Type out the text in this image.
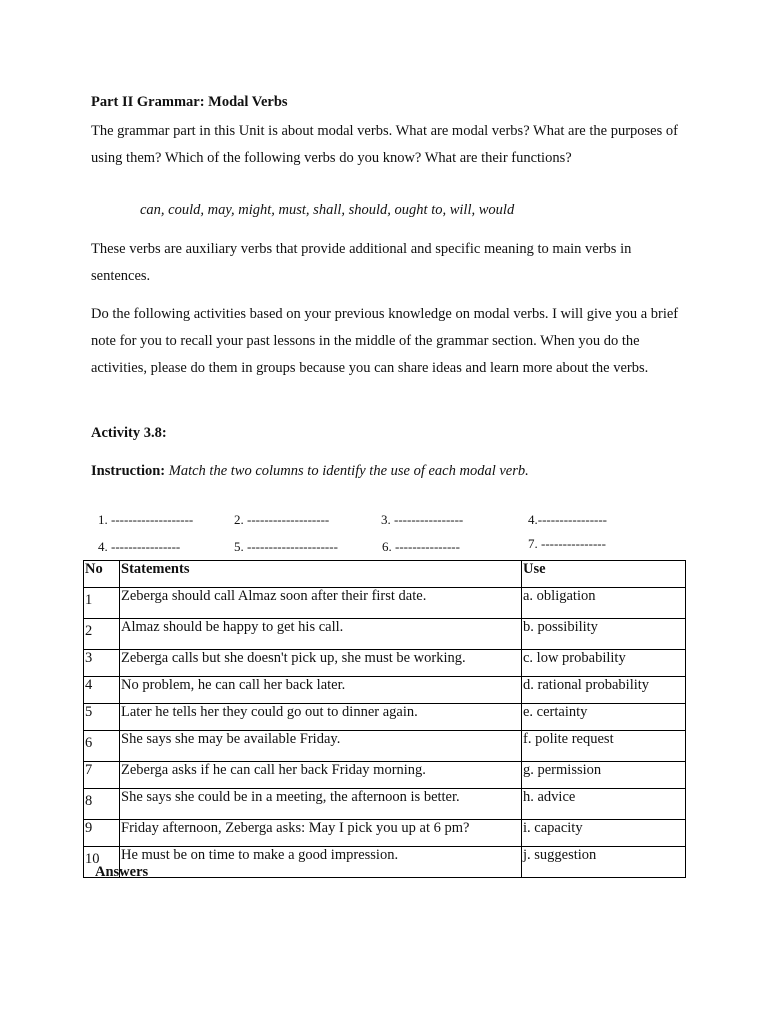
Part II Grammar: Modal Verbs
The grammar part in this Unit is about modal verbs. What are modal verbs? What are the purposes of using them? Which of the following verbs do you know? What are their functions?
can, could, may, might, must, shall, should, ought to, will, would
These verbs are auxiliary verbs that provide additional and specific meaning to main verbs in sentences.
Do the following activities based on your previous knowledge on modal verbs. I will give you a brief note for you to recall your past lessons in the middle of the grammar section. When you do the activities, please do them in groups because you can share ideas and learn more about the verbs.
Activity 3.8:
Instruction: Match the two columns to identify the use of each modal verb.
1. -------------------	2. -------------------	3. ----------------	4.----------------
4. ----------------	5. ---------------------	6. ---------------	7. ---------------
No	Statements	Use
1	Zeberga should call Almaz soon after their first date.	a. obligation
2	Almaz should be happy to get his call.	b. possibility
3	Zeberga calls but she doesn't pick up, she must be working.	c. low probability
4	No problem, he can call her back later.	d. rational probability
5	Later he tells her they could go out to dinner again.	e. certainty
6	She says she may be available Friday.	f. polite request
7	Zeberga asks if he can call her back Friday morning.	g. permission
8	She says she could be in a meeting, the afternoon is better.	h. advice
9	Friday afternoon, Zeberga asks: May I pick you up at 6 pm?	i. capacity
10	He must be on time to make a good impression.	j. suggestion
Answers
